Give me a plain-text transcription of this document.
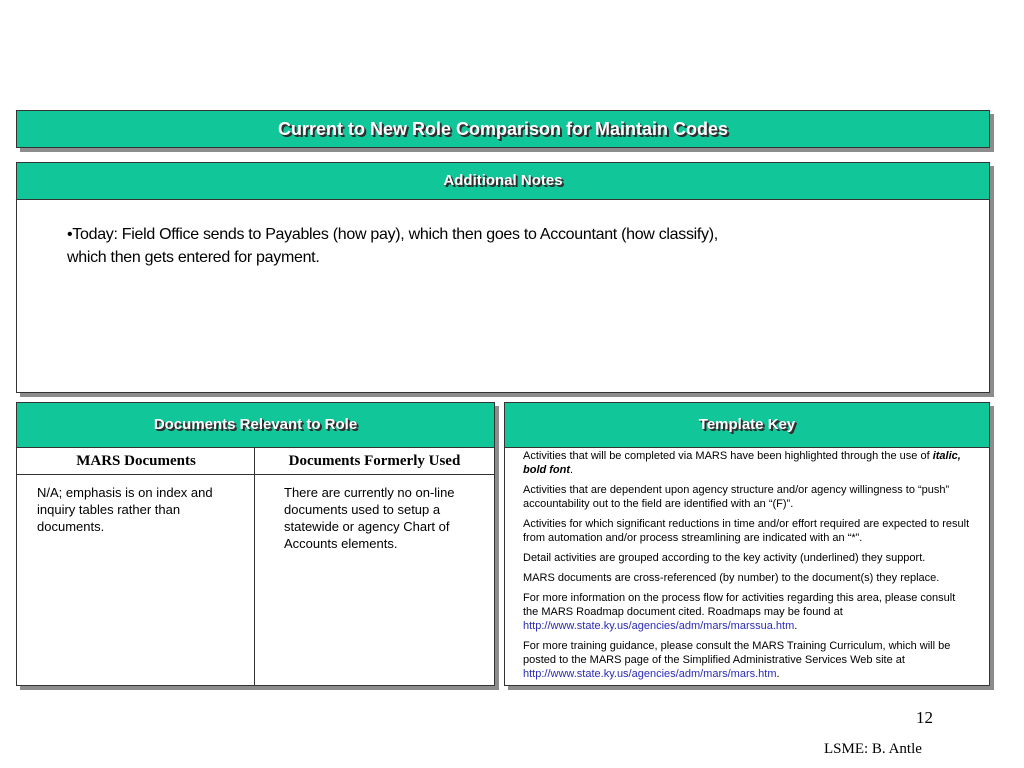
Current to New Role Comparison for Maintain Codes
Additional Notes
•Today: Field Office sends to Payables (how pay), which then goes to Accountant (how classify),
which then gets entered for payment.
Documents Relevant to Role
MARS Documents	Documents Formerly Used
N/A; emphasis is on index and inquiry tables rather than documents.
There are currently no on-line documents used to setup a statewide or agency Chart of Accounts elements.
Template Key

Activities that will be completed via MARS have been highlighted through the use of italic, bold font.

Activities that are dependent upon agency structure and/or agency willingness to “push” accountability out to the field are identified with an “(F)”.

Activities for which significant reductions in time and/or effort required are expected to result from automation and/or process streamlining are indicated with an “*”.

Detail activities are grouped according to the key activity (underlined) they support.

MARS documents are cross-referenced (by number) to the document(s) they replace.

For more information on the process flow for activities regarding this area, please consult the MARS Roadmap document cited. Roadmaps may be found at http://www.state.ky.us/agencies/adm/mars/marssua.htm.

For more training guidance, please consult the MARS Training Curriculum, which will be posted to the MARS page of the Simplified Administrative Services Web site at http://www.state.ky.us/agencies/adm/mars/mars.htm.

12
LSME: B. Antle
